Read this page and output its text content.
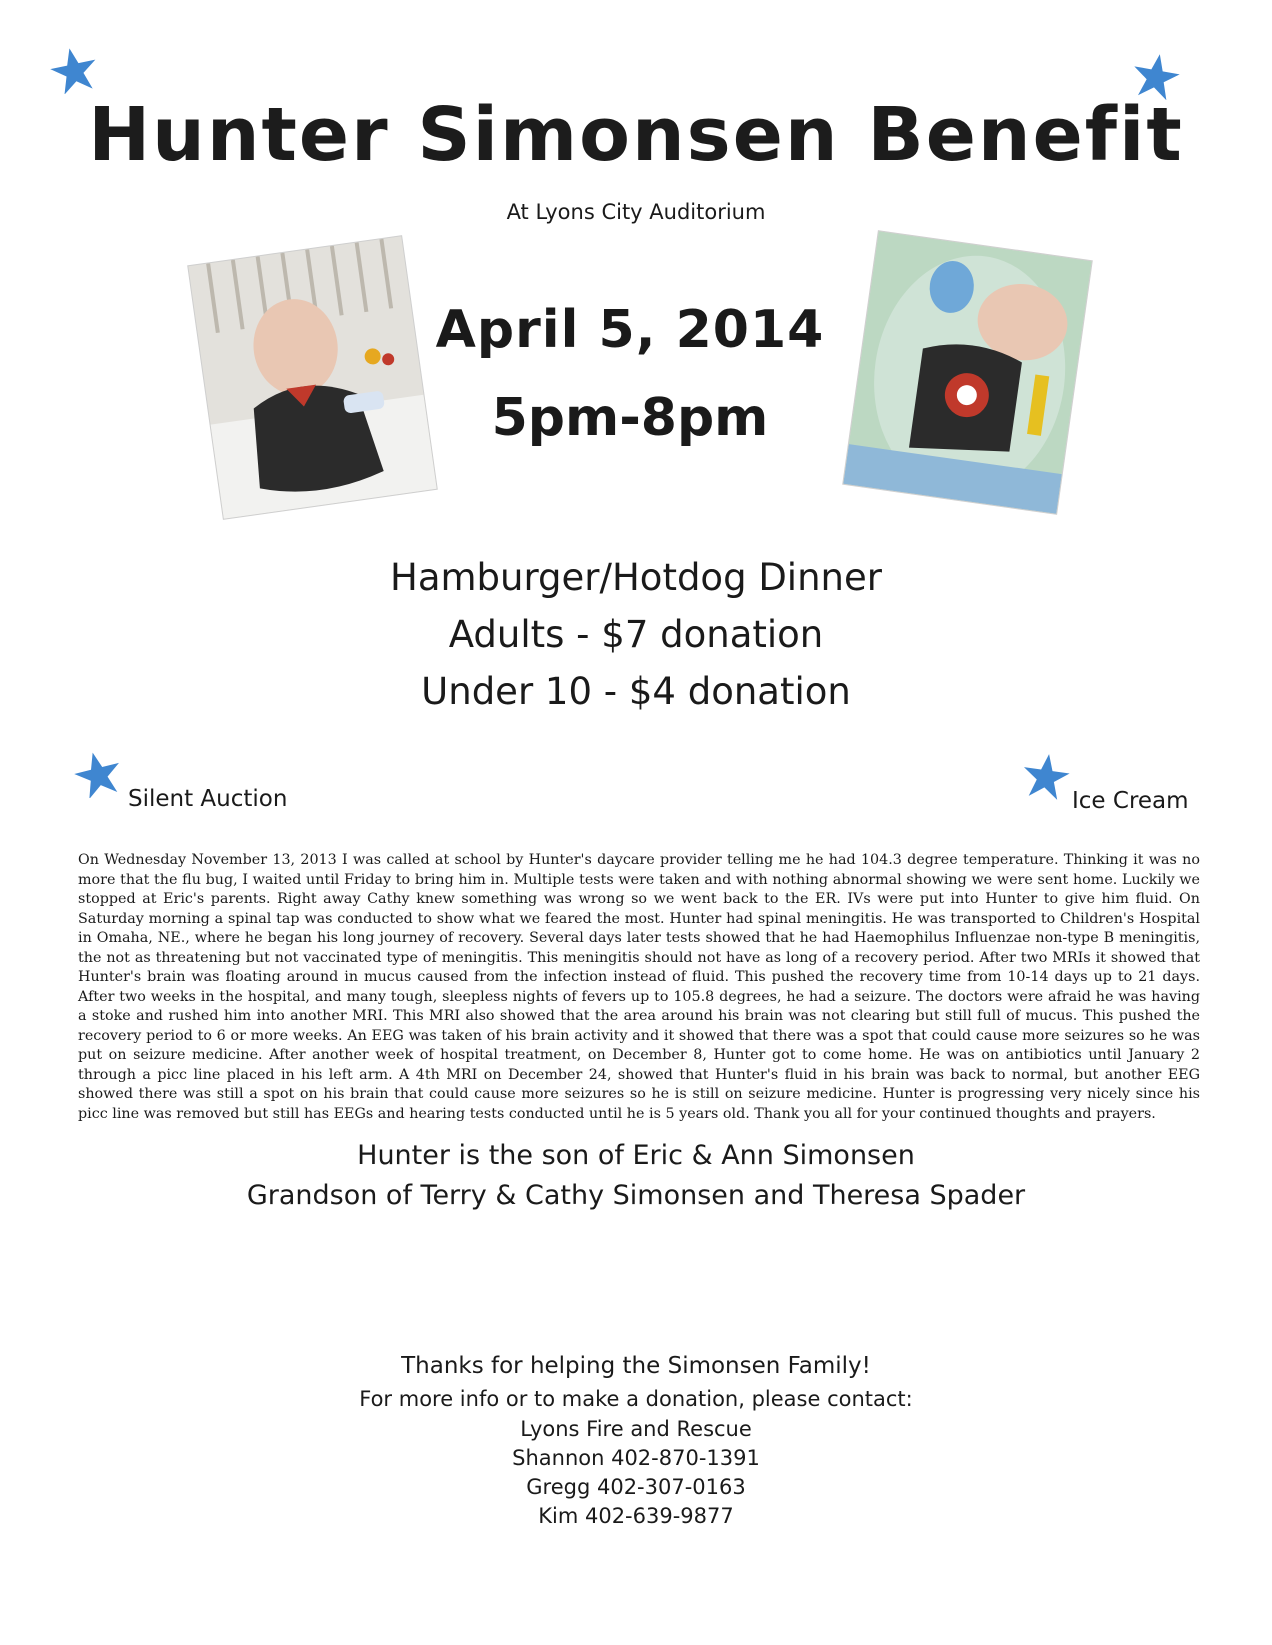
Hunter Simonsen Benefit
At Lyons City Auditorium
April 5, 2014
5pm-8pm
Hamburger/Hotdog Dinner
Adults - $7 donation
Under 10 - $4 donation
Silent Auction	Ice Cream

On Wednesday November 13, 2013 I was called at school by Hunter's daycare provider telling me he had 104.3 degree temperature. Thinking it was no more that the flu bug, I waited until Friday to bring him in. Multiple tests were taken and with nothing abnormal showing we were sent home. Luckily we stopped at Eric's parents. Right away Cathy knew something was wrong so we went back to the ER. IVs were put into Hunter to give him fluid. On Saturday morning a spinal tap was conducted to show what we feared the most. Hunter had spinal meningitis. He was transported to Children's Hospital in Omaha, NE., where he began his long journey of recovery. Several days later tests showed that he had Haemophilus Influenzae non-type B meningitis, the not as threatening but not vaccinated type of meningitis. This meningitis should not have as long of a recovery period. After two MRIs it showed that Hunter's brain was floating around in mucus caused from the infection instead of fluid. This pushed the recovery time from 10-14 days up to 21 days. After two weeks in the hospital, and many tough, sleepless nights of fevers up to 105.8 degrees, he had a seizure. The doctors were afraid he was having a stoke and rushed him into another MRI. This MRI also showed that the area around his brain was not clearing but still full of mucus. This pushed the recovery period to 6 or more weeks. An EEG was taken of his brain activity and it showed that there was a spot that could cause more seizures so he was put on seizure medicine. After another week of hospital treatment, on December 8, Hunter got to come home. He was on antibiotics until January 2 through a picc line placed in his left arm. A 4th MRI on December 24, showed that Hunter's fluid in his brain was back to normal, but another EEG showed there was still a spot on his brain that could cause more seizures so he is still on seizure medicine. Hunter is progressing very nicely since his picc line was removed but still has EEGs and hearing tests conducted until he is 5 years old. Thank you all for your continued thoughts and prayers.

Hunter is the son of Eric & Ann Simonsen
Grandson of Terry & Cathy Simonsen and Theresa Spader
Thanks for helping the Simonsen Family!
For more info or to make a donation, please contact:
Lyons Fire and Rescue
Shannon 402-870-1391
Gregg 402-307-0163
Kim 402-639-9877
